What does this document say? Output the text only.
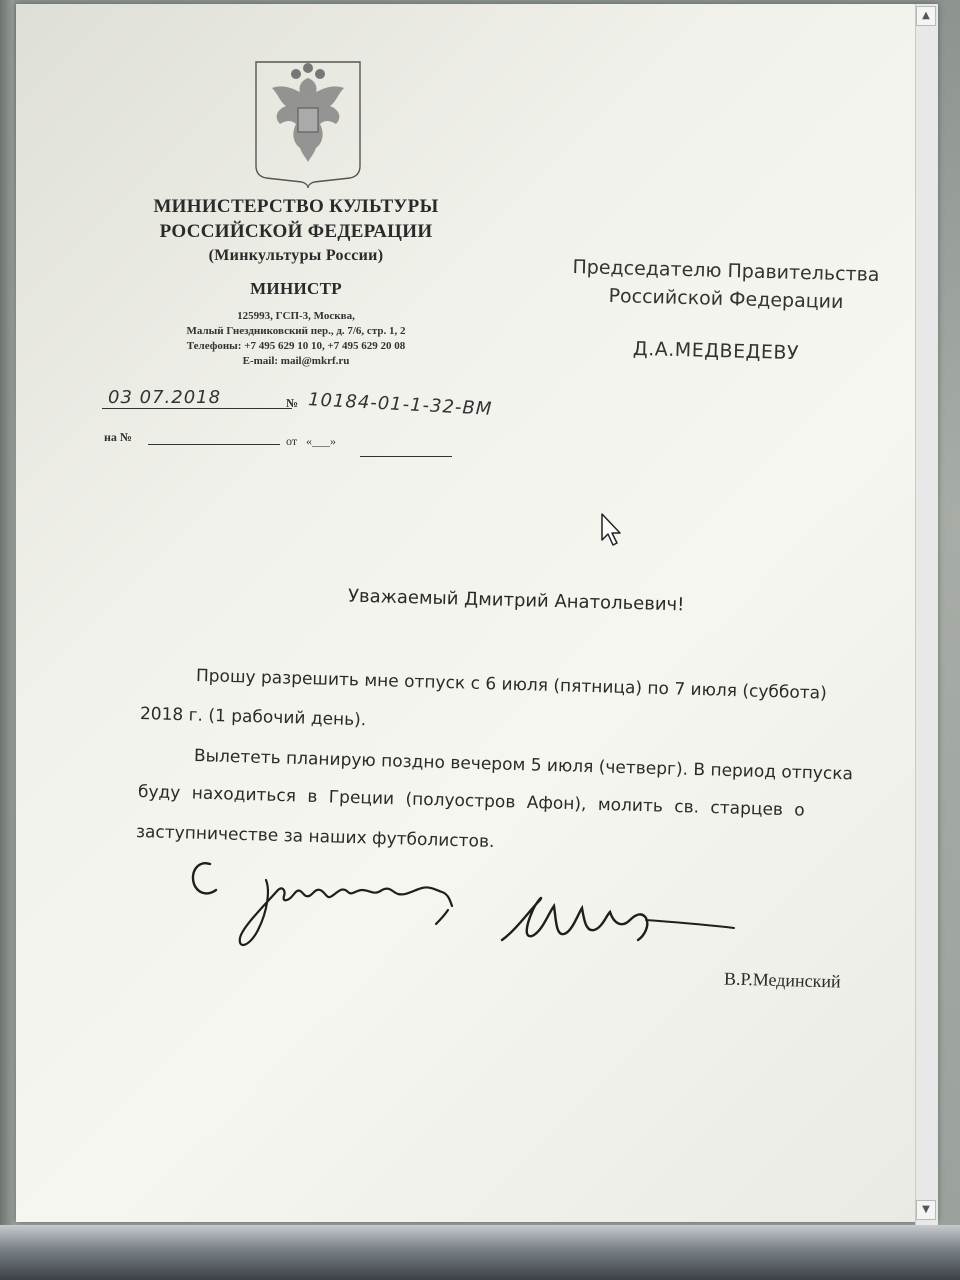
МИНИСТЕРСТВО КУЛЬТУРЫ
РОССИЙСКОЙ ФЕДЕРАЦИИ
(Минкультуры России)
МИНИСТР
125993, ГСП-3, Москва,
Малый Гнездниковский пер., д. 7/6, стр. 1, 2
Телефоны: +7 495 629 10 10, +7 495 629 20 08
E-mail: mail@mkrf.ru
03 07.2018	№ 10184-01-1-32-ВМ
на №	от «___»
Председателю Правительства
Российской Федерации
Д.А.МЕДВЕДЕВУ
Уважаемый Дмитрий Анатольевич!
Прошу разрешить мне отпуск с 6 июля (пятница) по 7 июля (суббота)
2018 г. (1 рабочий день).
Вылететь планирую поздно вечером 5 июля (четверг). В период отпуска
буду находиться в Греции (полуостров Афон), молить св. старцев о
заступничестве за наших футболистов.
В.Р.Мединский
▲
▼
